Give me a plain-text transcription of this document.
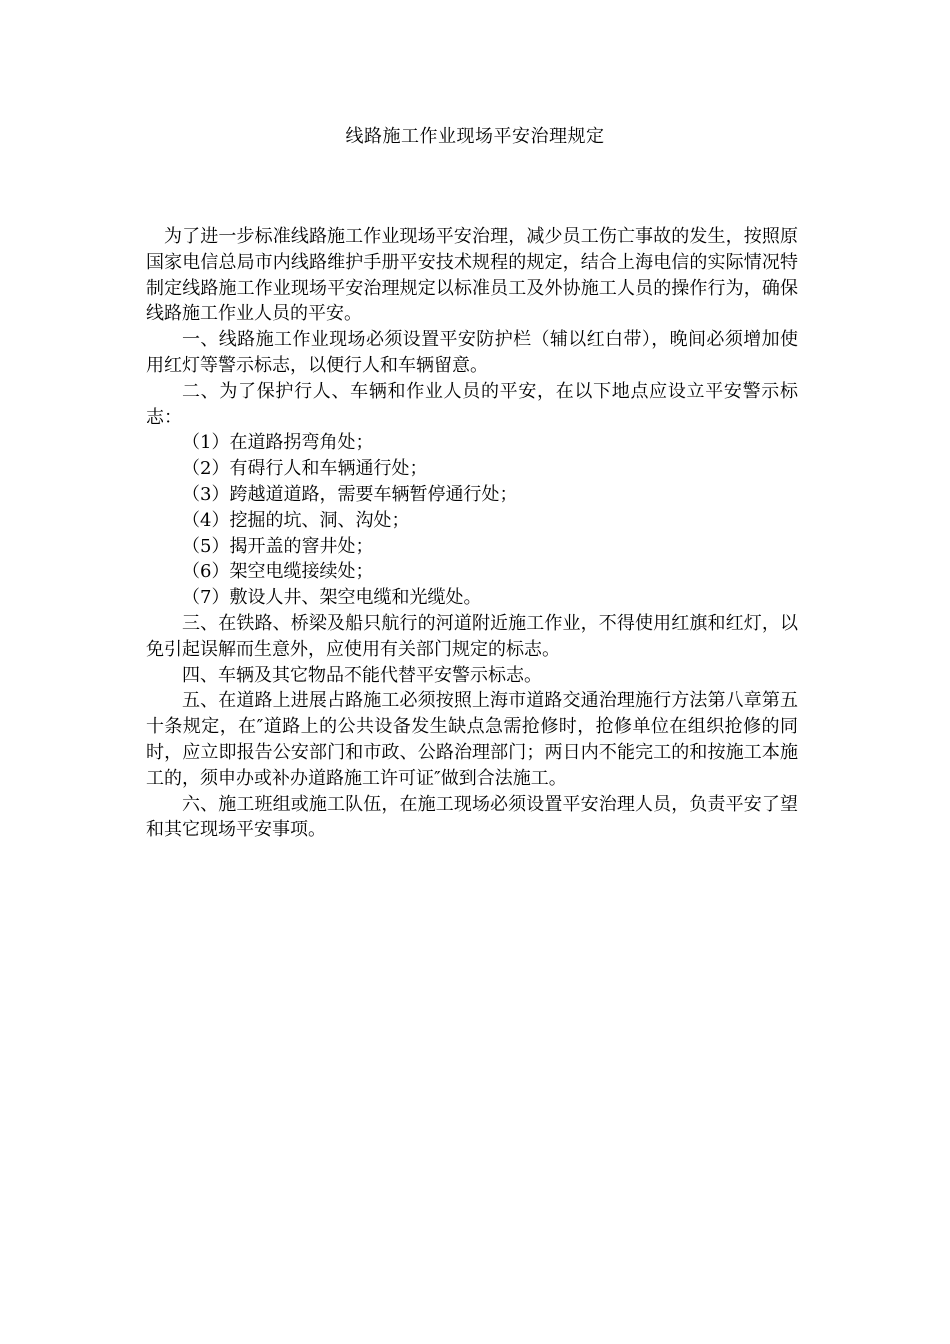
线路施工作业现场平安治理规定

为了进一步标准线路施工作业现场平安治理，减少员工伤亡事故的发生，按照原国家电信总局市内线路维护手册平安技术规程的规定，结合上海电信的实际情况特制定线路施工作业现场平安治理规定以标准员工及外协施工人员的操作行为，确保线路施工作业人员的平安。

一、线路施工作业现场必须设置平安防护栏（辅以红白带），晚间必须增加使用红灯等警示标志，以便行人和车辆留意。

二、为了保护行人、车辆和作业人员的平安，在以下地点应设立平安警示标志：

（1）在道路拐弯角处；

（2）有碍行人和车辆通行处；

（3）跨越道道路，需要车辆暂停通行处；

（4）挖掘的坑、洞、沟处；

（5）揭开盖的窨井处；

（6）架空电缆接续处；

（7）敷设人井、架空电缆和光缆处。

三、在铁路、桥梁及船只航行的河道附近施工作业，不得使用红旗和红灯，以免引起误解而生意外，应使用有关部门规定的标志。

四、车辆及其它物品不能代替平安警示标志。

五、在道路上进展占路施工必须按照上海市道路交通治理施行方法第八章第五十条规定，在″道路上的公共设备发生缺点急需抢修时，抢修单位在组织抢修的同时，应立即报告公安部门和市政、公路治理部门；两日内不能完工的和按施工本施工的，须申办或补办道路施工许可证″做到合法施工。

六、施工班组或施工队伍，在施工现场必须设置平安治理人员，负责平安了望和其它现场平安事项。
